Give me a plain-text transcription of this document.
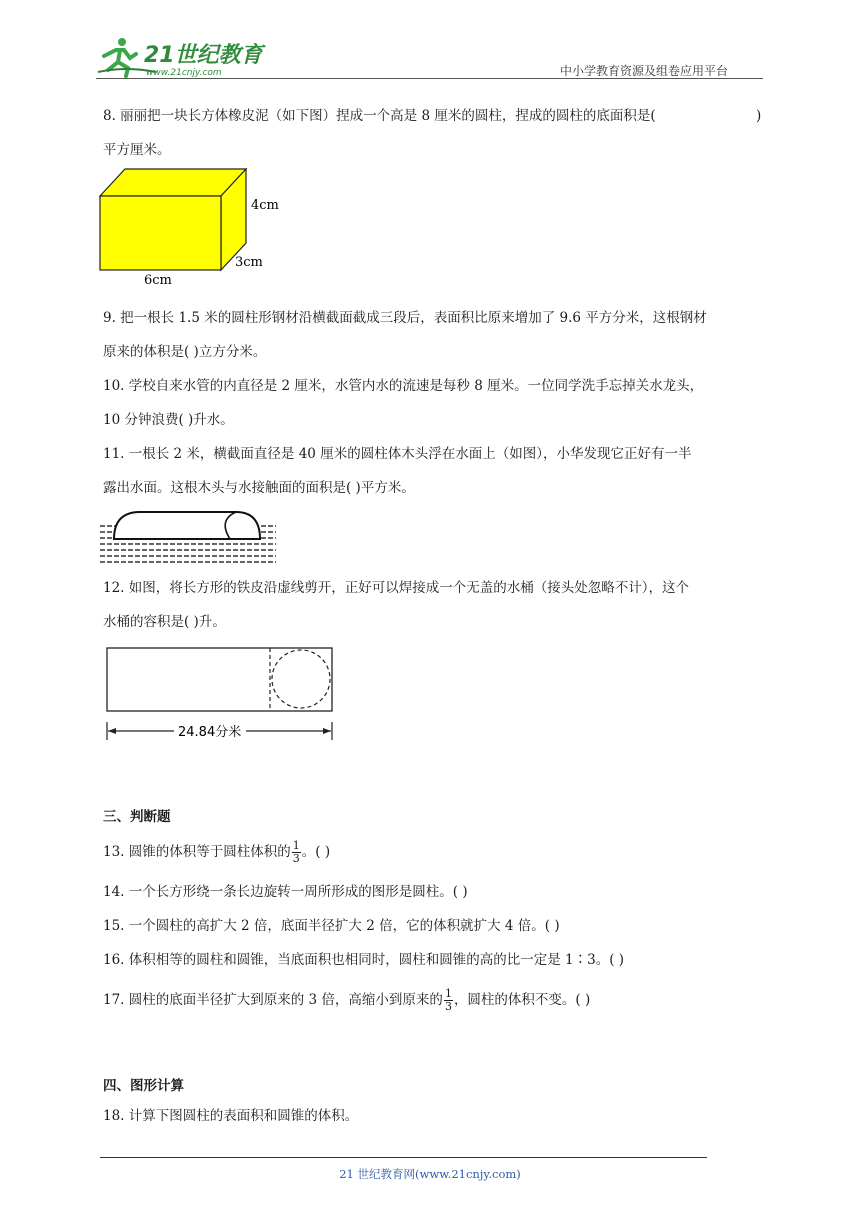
21世纪教育
www.21cnjy.com	中小学教育资源及组卷应用平台
8. 丽丽把一块长方体橡皮泥（如下图）捏成一个高是 8 厘米的圆柱，捏成的圆柱的底面积是(	)
平方厘米。
4cm
3cm
6cm
9. 把一根长 1.5 米的圆柱形钢材沿横截面截成三段后，表面积比原来增加了 9.6 平方分米，这根钢材
原来的体积是( )立方分米。
10. 学校自来水管的内直径是 2 厘米，水管内水的流速是每秒 8 厘米。一位同学洗手忘掉关水龙头，
10 分钟浪费( )升水。
11. 一根长 2 米，横截面直径是 40 厘米的圆柱体木头浮在水面上（如图），小华发现它正好有一半
露出水面。这根木头与水接触面的面积是( )平方米。
12. 如图，将长方形的铁皮沿虚线剪开，正好可以焊接成一个无盖的水桶（接头处忽略不计），这个
水桶的容积是( )升。
24.84分米
三、判断题
13. 圆锥的体积等于圆柱体积的 $\frac{1}{3}$ 。( )
14. 一个长方形绕一条长边旋转一周所形成的图形是圆柱。( )
15. 一个圆柱的高扩大 2 倍，底面半径扩大 2 倍，它的体积就扩大 4 倍。( )
16. 体积相等的圆柱和圆锥，当底面积也相同时，圆柱和圆锥的高的比一定是 1∶3。( )
17. 圆柱的底面半径扩大到原来的 3 倍，高缩小到原来的 $\frac{1}{3}$ ，圆柱的体积不变。( )
四、图形计算
18. 计算下图圆柱的表面积和圆锥的体积。
21 世纪教育网(www.21cnjy.com)
